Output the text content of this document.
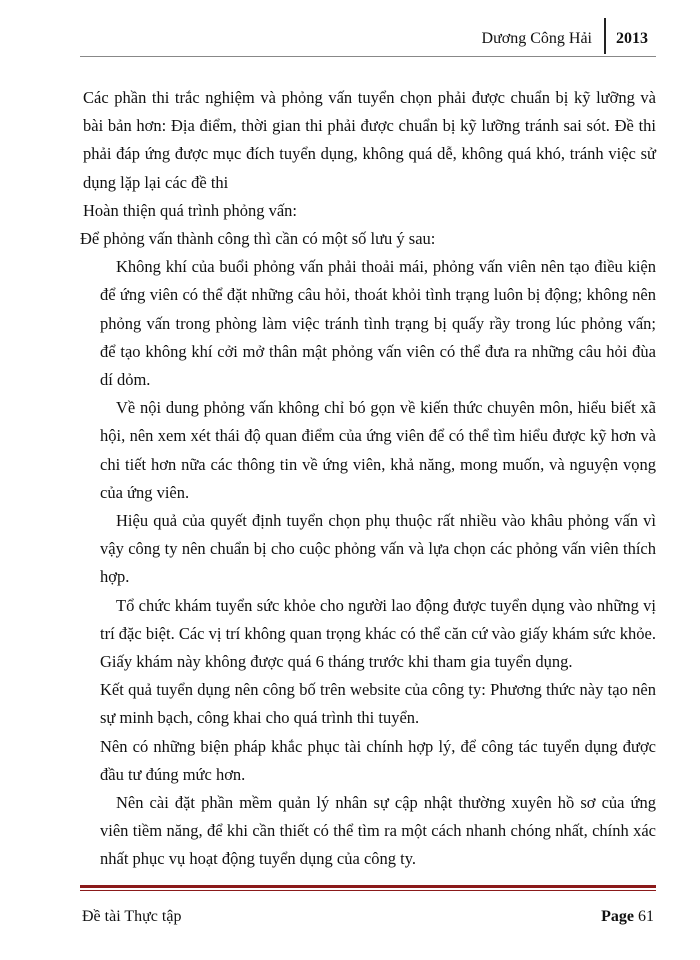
Dương Công Hải	2013

Các phần thi trắc nghiệm và phỏng vấn tuyển chọn phải được chuẩn bị kỹ lưỡng và bài bản hơn: Địa điểm, thời gian thi phải được chuẩn bị kỹ lưỡng tránh sai sót. Đề thi phải đáp ứng được mục đích tuyển dụng, không quá dễ, không quá khó, tránh việc sử dụng lặp lại các đề thi

Hoàn thiện quá trình phỏng vấn:

Để phỏng vấn thành công thì cần có một số lưu ý sau:

Không khí của buổi phỏng vấn phải thoải mái, phỏng vấn viên nên tạo điều kiện để ứng viên có thể đặt những câu hỏi, thoát khỏi tình trạng luôn bị động; không nên phỏng vấn trong phòng làm việc tránh tình trạng bị quấy rầy trong lúc phỏng vấn; để tạo không khí cởi mở thân mật phỏng vấn viên có thể đưa ra những câu hỏi đùa dí dỏm.

Về nội dung phỏng vấn không chỉ bó gọn về kiến thức chuyên môn, hiểu biết xã hội, nên xem xét thái độ quan điểm của ứng viên để có thể tìm hiểu được kỹ hơn và chi tiết hơn nữa các thông tin về ứng viên, khả năng, mong muốn, và nguyện vọng của ứng viên.

Hiệu quả của quyết định tuyển chọn phụ thuộc rất nhiều vào khâu phỏng vấn vì vậy công ty nên chuẩn bị cho cuộc phỏng vấn và lựa chọn các phỏng vấn viên thích hợp.

Tổ chức khám tuyển sức khỏe cho người lao động được tuyển dụng vào những vị trí đặc biệt. Các vị trí không quan trọng khác có thể căn cứ vào giấy khám sức khỏe. Giấy khám này không được quá 6 tháng trước khi tham gia tuyển dụng.

Kết quả tuyển dụng nên công bố trên website của công ty: Phương thức này tạo nên sự minh bạch, công khai cho quá trình thi tuyển.

Nên có những biện pháp khắc phục tài chính hợp lý, để công tác tuyển dụng được đầu tư đúng mức hơn.

Nên cài đặt phần mềm quản lý nhân sự cập nhật thường xuyên hồ sơ của ứng viên tiềm năng, để khi cần thiết có thể tìm ra một cách nhanh chóng nhất, chính xác nhất phục vụ hoạt động tuyển dụng của công ty.

Đề tài Thực tập	Page 61
